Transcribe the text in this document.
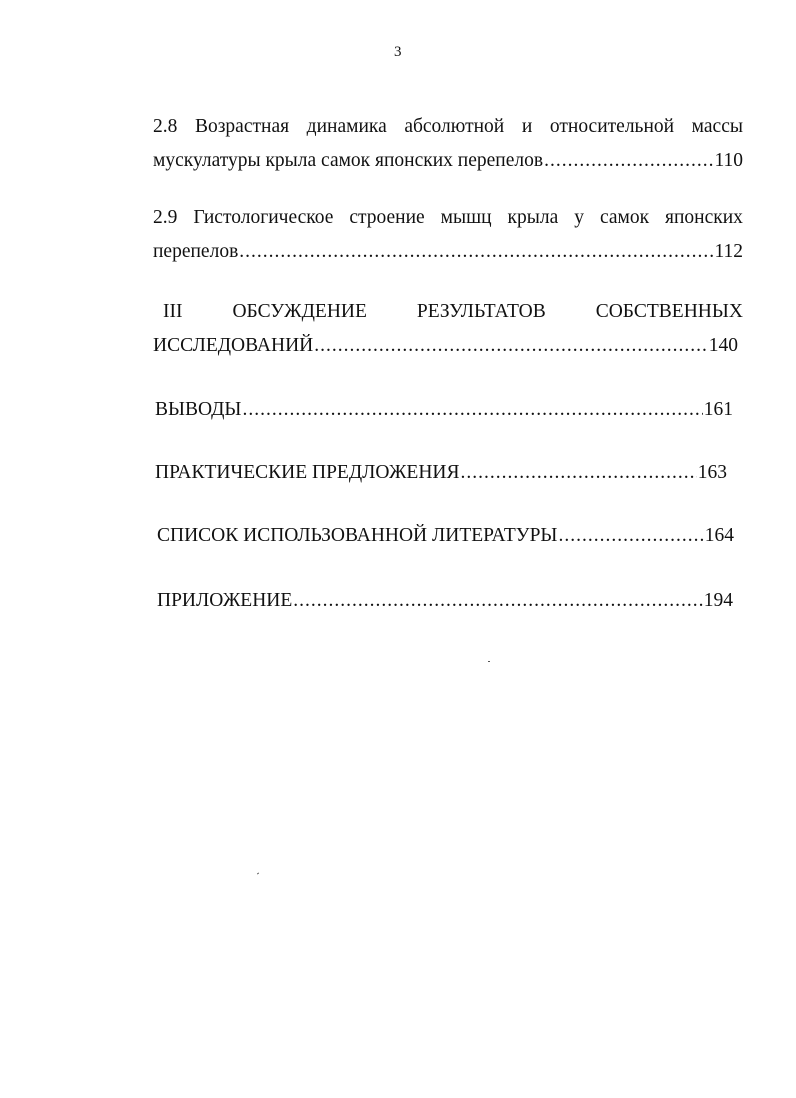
3
2.8 Возрастная динамика абсолютной и относительной массы
мускулатуры крыла самок японских перепелов .....	110
2.9 Гистологическое строение мышц крыла у самок японских
перепелов .....	112
III	ОБСУЖДЕНИЕ	РЕЗУЛЬТАТОВ	СОБСТВЕННЫХ
ИССЛЕДОВАНИЙ .....	140
ВЫВОДЫ .....	161
ПРАКТИЧЕСКИЕ ПРЕДЛОЖЕНИЯ .....	163
СПИСОК ИСПОЛЬЗОВАННОЙ ЛИТЕРАТУРЫ .....	164
ПРИЛОЖЕНИЕ .....	194
